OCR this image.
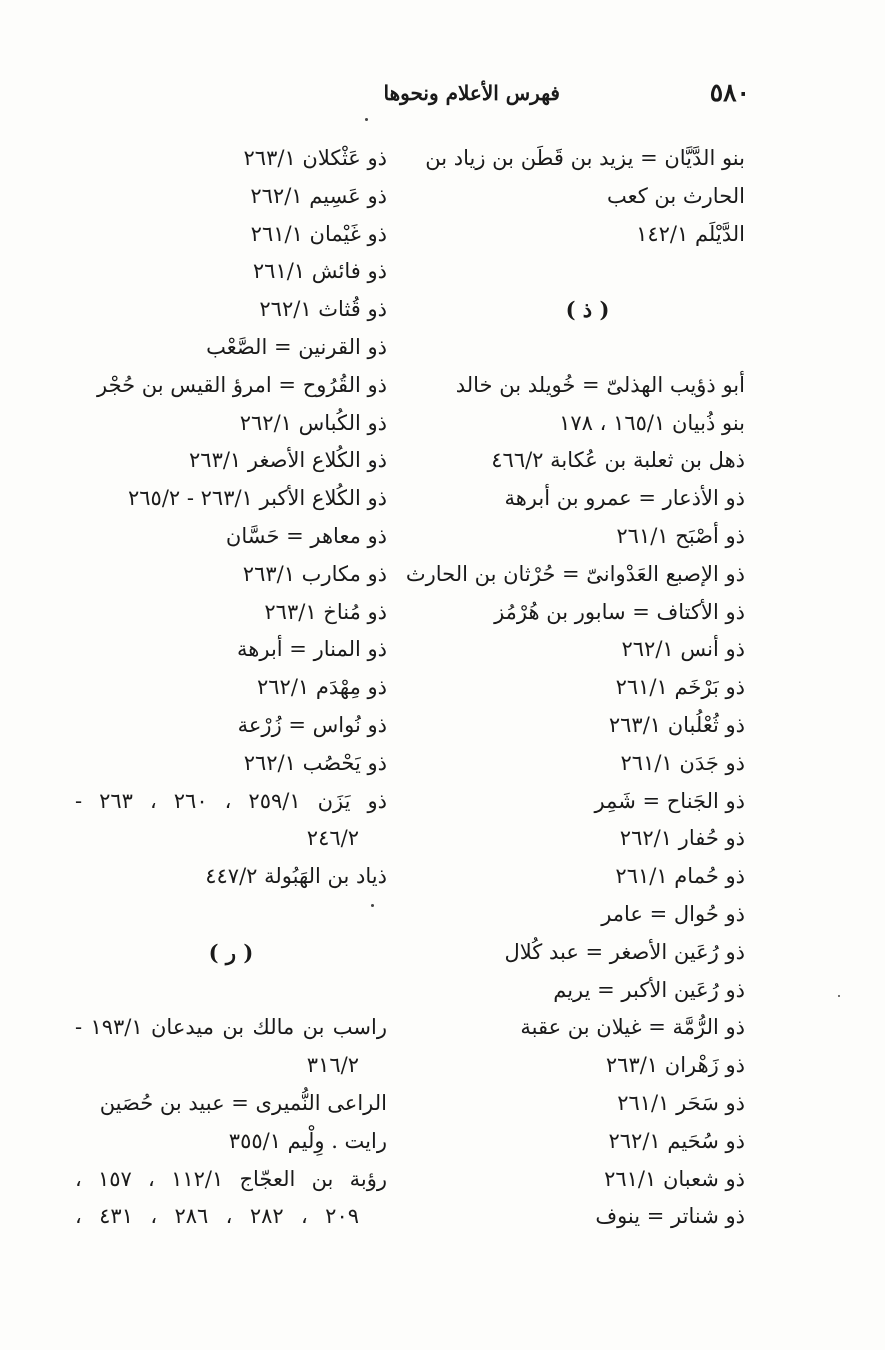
٥٨٠
فهرس الأعلام ونحوها
بنو الدَّيَّان = يزيد بن قَطَن بن زياد بن
الحارث بن كعب
الدَّيْلَم ١٤٢/١
( ذ )
أبو ذؤيب الهذلىّ = خُويلد بن خالد
بنو ذُبيان ١٦٥/١ ، ١٧٨
ذهل بن ثعلبة بن عُكابة ٤٦٦/٢
ذو الأذعار = عمرو بن أبرهة
ذو أصْبَح ٢٦١/١
ذو الإصبع العَدْوانىّ = حُرْثان بن الحارث
ذو الأكتاف = سابور بن هُرْمُز
ذو أنس ٢٦٢/١
ذو بَرْخَم ٢٦١/١
ذو ثُعْلُبان ٢٦٣/١
ذو جَدَن ٢٦١/١
ذو الجَناح = شَمِر
ذو حُفار ٢٦٢/١
ذو حُمام ٢٦١/١
ذو حُوال = عامر
ذو رُعَين الأصغر = عبد كُلال
ذو رُعَين الأكبر = يريم
ذو الرُّمَّة = غيلان بن عقبة
ذو زَهْران ٢٦٣/١
ذو سَحَر ٢٦١/١
ذو سُحَيم ٢٦٢/١
ذو شعبان ٢٦١/١
ذو شناتر = ينوف
ذو عَثْكلان ٢٦٣/١
ذو عَسِيم ٢٦٢/١
ذو غَيْمان ٢٦١/١
ذو فائش ٢٦١/١
ذو قُثاث ٢٦٢/١
ذو القرنين = الصَّعْب
ذو القُرُوح = امرؤ القيس بن حُجْر
ذو الكُباس ٢٦٢/١
ذو الكُلاع الأصغر ٢٦٣/١
ذو الكُلاع الأكبر ٢٦٣/١ - ٢٦٥/٢
ذو معاهر = حَسَّان
ذو مكارب ٢٦٣/١
ذو مُناخ ٢٦٣/١
ذو المنار = أبرهة
ذو مِهْدَم ٢٦٢/١
ذو نُواس = زُرْعة
ذو يَحْصُب ٢٦٢/١
ذو يَزَن ٢٥٩/١ ، ٢٦٠ ، ٢٦٣ -
٢٤٦/٢
ذياد بن الهَبُولة ٤٤٧/٢
( ر )
راسب بن مالك بن ميدعان ١٩٣/١ -
٣١٦/٢
الراعى النُّميرى = عبيد بن حُصَين
رايت . وِلْيم ٣٥٥/١
رؤبة بن العجّاج ١١٢/١ ، ١٥٧ ،
٢٠٩ ، ٢٨٢ ، ٢٨٦ ، ٤٣١ ،
